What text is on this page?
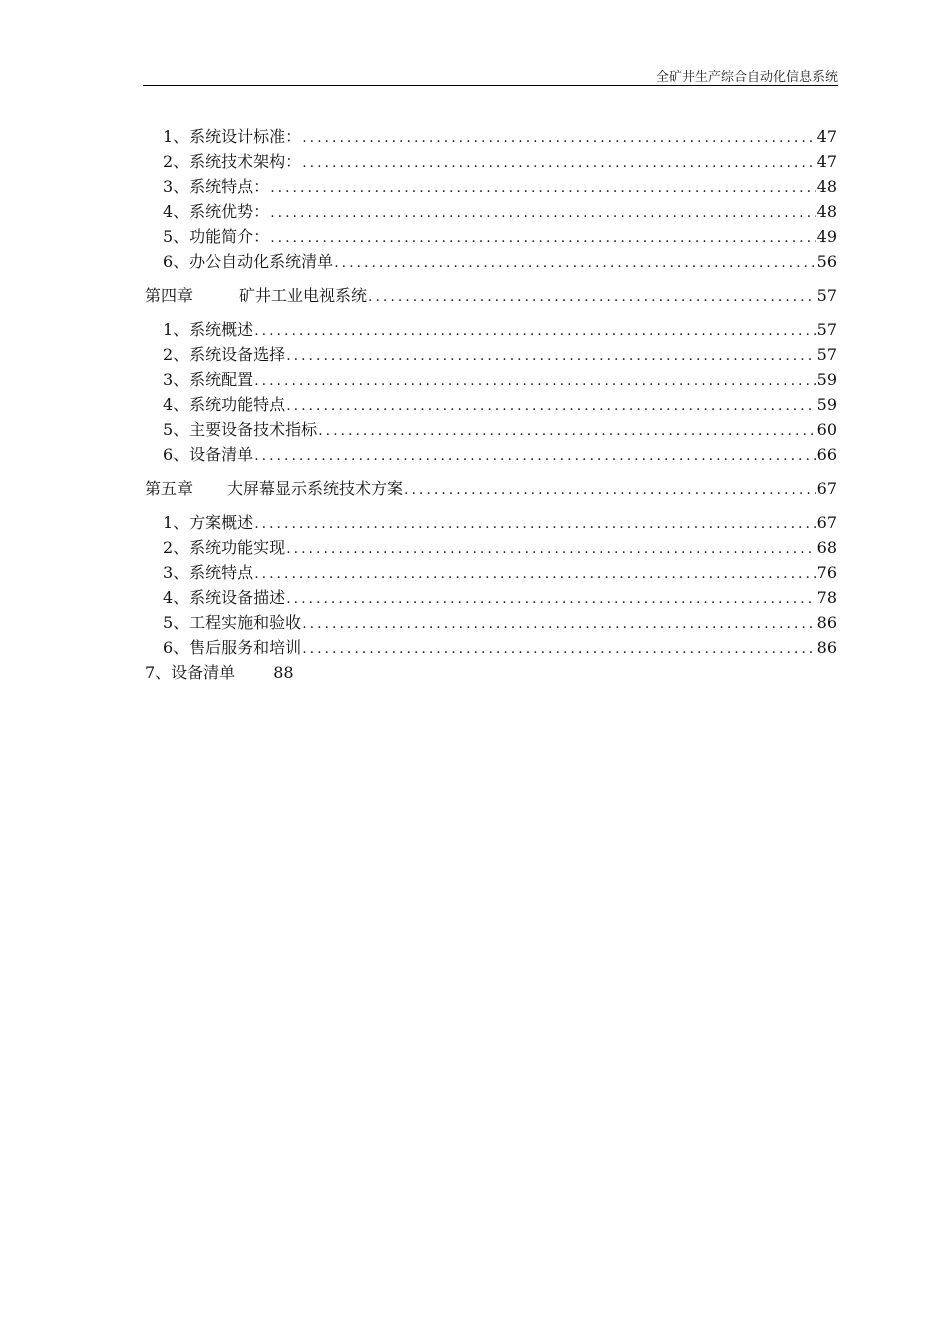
全矿井生产综合自动化信息系统
1、系统设计标准： .....	47
2、系统技术架构： .....	47
3、系统特点： .....	48
4、系统优势： .....	48
5、功能简介： .....	49
6、办公自动化系统清单 .....	56
第四章	矿井工业电视系统 .....	57
1、系统概述 .....	57
2、系统设备选择 .....	57
3、系统配置 .....	59
4、系统功能特点 .....	59
5、主要设备技术指标 .....	60
6、设备清单 .....	66
第五章 大屏幕显示系统技术方案 .....	67
1、方案概述 .....	67
2、系统功能实现 .....	68
3、系统特点 .....	76
4、系统设备描述 .....	78
5、工程实施和验收 .....	86
6、售后服务和培训 .....	86
7、设备清单 88
